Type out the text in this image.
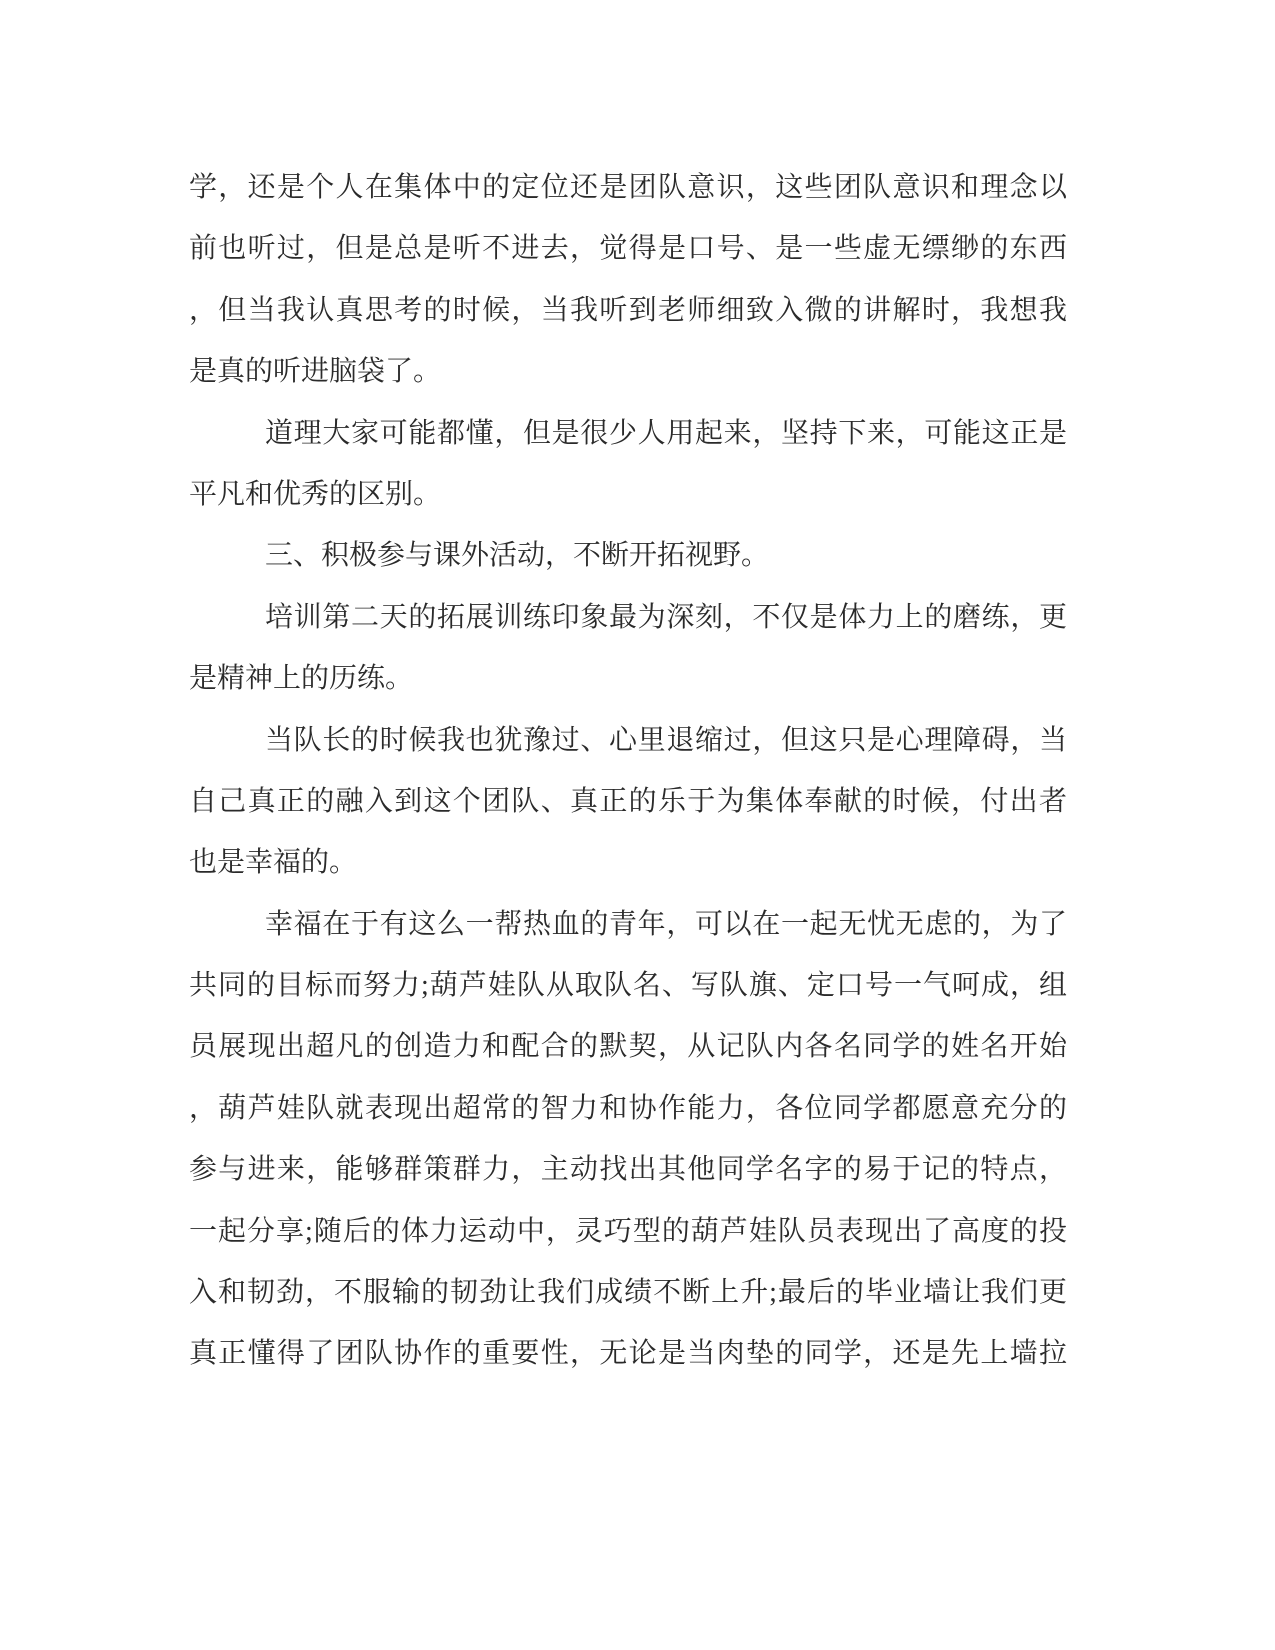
学，还是个人在集体中的定位还是团队意识，这些团队意识和理念以
前也听过，但是总是听不进去，觉得是口号、是一些虚无缥缈的东西
，但当我认真思考的时候，当我听到老师细致入微的讲解时，我想我
是真的听进脑袋了。
道理大家可能都懂，但是很少人用起来，坚持下来，可能这正是
平凡和优秀的区别。
三、积极参与课外活动，不断开拓视野。
培训第二天的拓展训练印象最为深刻，不仅是体力上的磨练，更
是精神上的历练。
当队长的时候我也犹豫过、心里退缩过，但这只是心理障碍，当
自己真正的融入到这个团队、真正的乐于为集体奉献的时候，付出者
也是幸福的。
幸福在于有这么一帮热血的青年，可以在一起无忧无虑的，为了
共同的目标而努力;葫芦娃队从取队名、写队旗、定口号一气呵成，组
员展现出超凡的创造力和配合的默契，从记队内各名同学的姓名开始
，葫芦娃队就表现出超常的智力和协作能力，各位同学都愿意充分的
参与进来，能够群策群力，主动找出其他同学名字的易于记的特点，
一起分享;随后的体力运动中，灵巧型的葫芦娃队员表现出了高度的投
入和韧劲，不服输的韧劲让我们成绩不断上升;最后的毕业墙让我们更
真正懂得了团队协作的重要性，无论是当肉垫的同学，还是先上墙拉
